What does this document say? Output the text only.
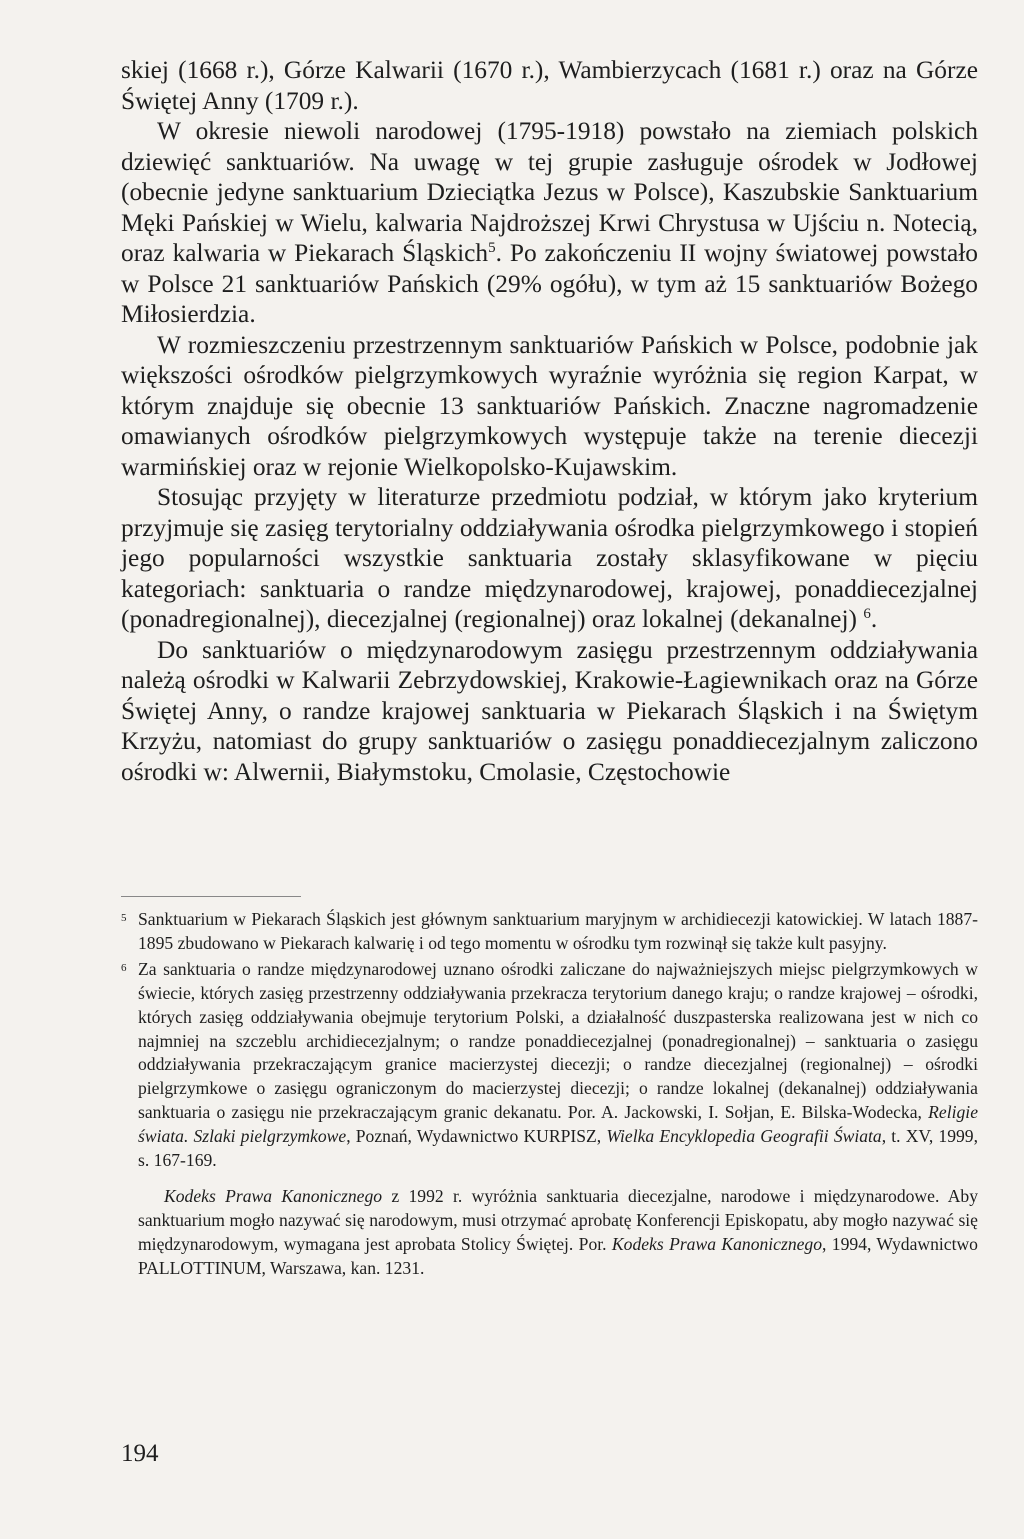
skiej (1668 r.), Górze Kalwarii (1670 r.), Wambierzycach (1681 r.) oraz na Górze Świętej Anny (1709 r.).

W okresie niewoli narodowej (1795-1918) powstało na ziemiach polskich dziewięć sanktuariów. Na uwagę w tej grupie zasługuje ośrodek w Jodłowej (obecnie jedyne sanktuarium Dzieciątka Jezus w Polsce), Kaszubskie Sanktuarium Męki Pańskiej w Wielu, kalwaria Najdroższej Krwi Chrystusa w Ujściu n. Notecią, oraz kalwaria w Piekarach Śląskich$^5$. Po zakończeniu II wojny światowej powstało w Polsce 21 sanktuariów Pańskich (29% ogółu), w tym aż 15 sanktuariów Bożego Miłosierdzia.

W rozmieszczeniu przestrzennym sanktuariów Pańskich w Polsce, podobnie jak większości ośrodków pielgrzymkowych wyraźnie wyróżnia się region Karpat, w którym znajduje się obecnie 13 sanktuariów Pańskich. Znaczne nagromadzenie omawianych ośrodków pielgrzymkowych występuje także na terenie diecezji warmińskiej oraz w rejonie Wielkopolsko-Kujawskim.

Stosując przyjęty w literaturze przedmiotu podział, w którym jako kryterium przyjmuje się zasięg terytorialny oddziaływania ośrodka pielgrzymkowego i stopień jego popularności wszystkie sanktuaria zostały sklasyfikowane w pięciu kategoriach: sanktuaria o randze międzynarodowej, krajowej, ponaddiecezjalnej (ponadregionalnej), diecezjalnej (regionalnej) oraz lokalnej (dekanalnej) $^6$.

Do sanktuariów o międzynarodowym zasięgu przestrzennym oddziaływania należą ośrodki w Kalwarii Zebrzydowskiej, Krakowie-Łagiewnikach oraz na Górze Świętej Anny, o randze krajowej sanktuaria w Piekarach Śląskich i na Świętym Krzyżu, natomiast do grupy sanktuariów o zasięgu ponaddiecezjalnym zaliczono ośrodki w: Alwernii, Białymstoku, Cmolasie, Częstochowie

5 Sanktuarium w Piekarach Śląskich jest głównym sanktuarium maryjnym w archidiecezji katowickiej. W latach 1887-1895 zbudowano w Piekarach kalwarię i od tego momentu w ośrodku tym rozwinął się także kult pasyjny.
6 Za sanktuaria o randze międzynarodowej uznano ośrodki zaliczane do najważniejszych miejsc pielgrzymkowych w świecie, których zasięg przestrzenny oddziaływania przekracza terytorium danego kraju; o randze krajowej – ośrodki, których zasięg oddziaływania obejmuje terytorium Polski, a działalność duszpasterska realizowana jest w nich co najmniej na szczeblu archidiecezjalnym; o randze ponaddiecezjalnej (ponadregionalnej) – sanktuaria o zasięgu oddziaływania przekraczającym granice macierzystej diecezji; o randze diecezjalnej (regionalnej) – ośrodki pielgrzymkowe o zasięgu ograniczonym do macierzystej diecezji; o randze lokalnej (dekanalnej) oddziaływania sanktuaria o zasięgu nie przekraczającym granic dekanatu. Por. A. Jackowski, I. Sołjan, E. Bilska-Wodecka, Religie świata. Szlaki pielgrzymkowe, Poznań, Wydawnictwo KURPISZ, Wielka Encyklopedia Geografii Świata, t. XV, 1999, s. 167-169.

Kodeks Prawa Kanonicznego z 1992 r. wyróżnia sanktuaria diecezjalne, narodowe i międzynarodowe. Aby sanktuarium mogło nazywać się narodowym, musi otrzymać aprobatę Konferencji Episkopatu, aby mogło nazywać się międzynarodowym, wymagana jest aprobata Stolicy Świętej. Por. Kodeks Prawa Kanonicznego, 1994, Wydawnictwo PALLOTTINUM, Warszawa, kan. 1231.

194
